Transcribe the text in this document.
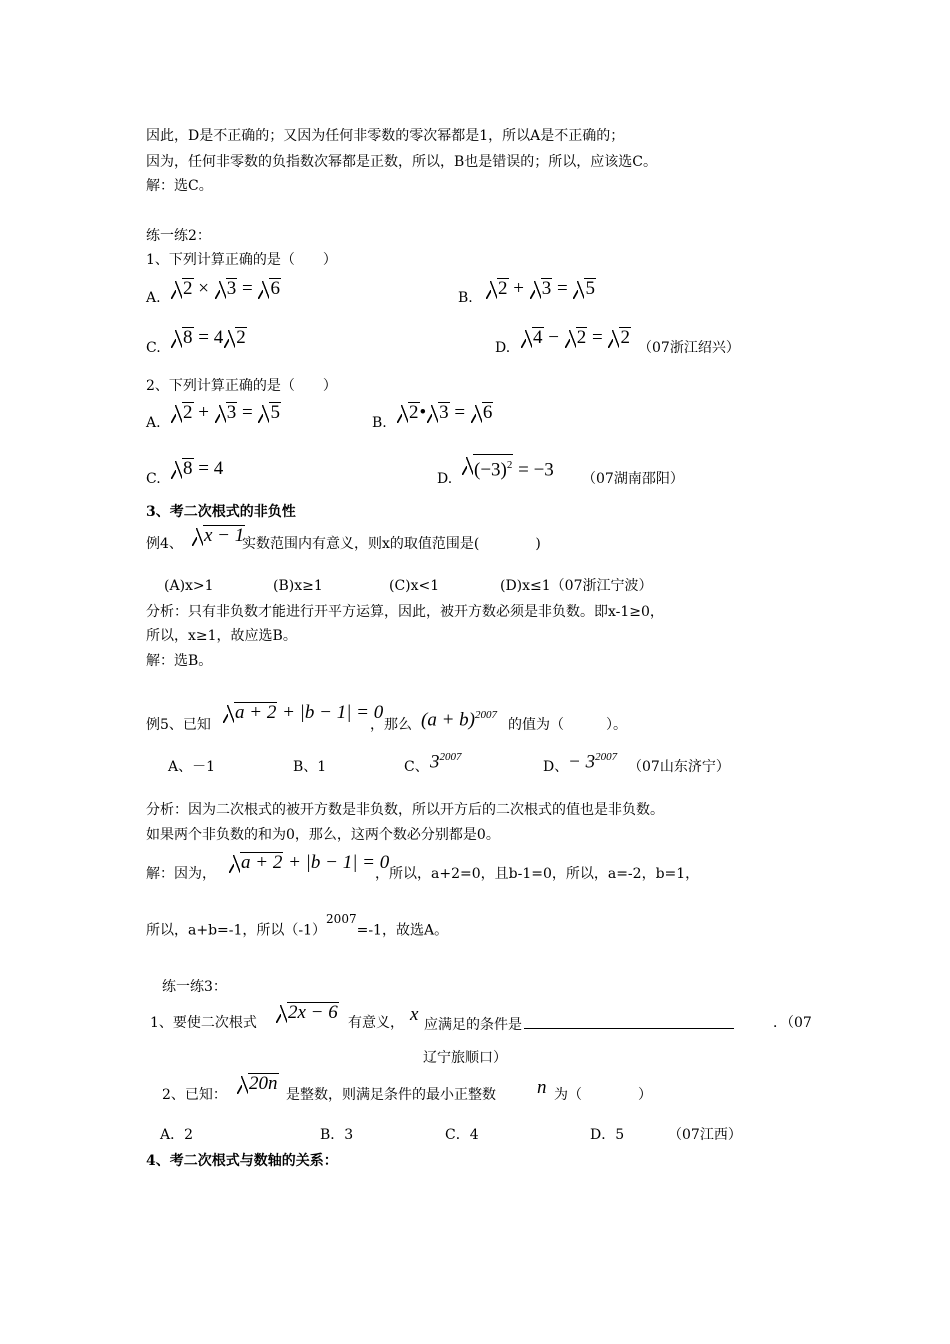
因此，D是不正确的；又因为任何非零数的零次幂都是1，所以A是不正确的；
因为，任何非零数的负指数次幂都是正数，所以，B也是错误的；所以，应该选C。
解：选C。
练一练2：
1、下列计算正确的是（　　）
A.	2 × 3 = 6	B.	2 + 3 = 5
C.	8 = 4 2	D.	4 − 2 = 2 （07浙江绍兴）
2、下列计算正确的是（　　）
A.	2 + 3 = 5	B.	2• 3 = 6
C.	8 = 4	D.	$(-3)^2 = -3$ （07湖南邵阳）
3、考二次根式的非负性
例4、	x − 1
实数范围内有意义，则x的取值范围是(　　　　)
(A)x>1	(B)x≥1	(C)x<1	(D)x≤1（07浙江宁波）
分析：只有非负数才能进行开平方运算，因此，被开方数必须是非负数。即x-1≥0，
所以，x≥1，故应选B。
解：选B。
例5、已知
a + 2 + |b − 1| = 0
，那么 $(a + b)^{2007}$
的值为（　　　）。
A、－1	B、1	C、 $3^{2007}$
D、 − $3^{2007}$
（07山东济宁）
分析：因为二次根式的被开方数是非负数，所以开方后的二次根式的值也是非负数。
如果两个非负数的和为0，那么，这两个数必分别都是0。
解：因为，
a + 2 + |b − 1| = 0
，所以，a+2=0，且b-1=0，所以，a=-2，b=1，
所以，a+b=-1，所以$(-1)^{2007}=-1$，故选A。
练一练3：
1、要使二次根式	2x − 6 有意义， x 应满足的条件是	．（07
辽宁旅顺口）
2、已知：
20n
是整数，则满足条件的最小正整数 n 为（　　　　）
A．2	B．3	C．4	D．5	（07江西）
4、考二次根式与数轴的关系：
